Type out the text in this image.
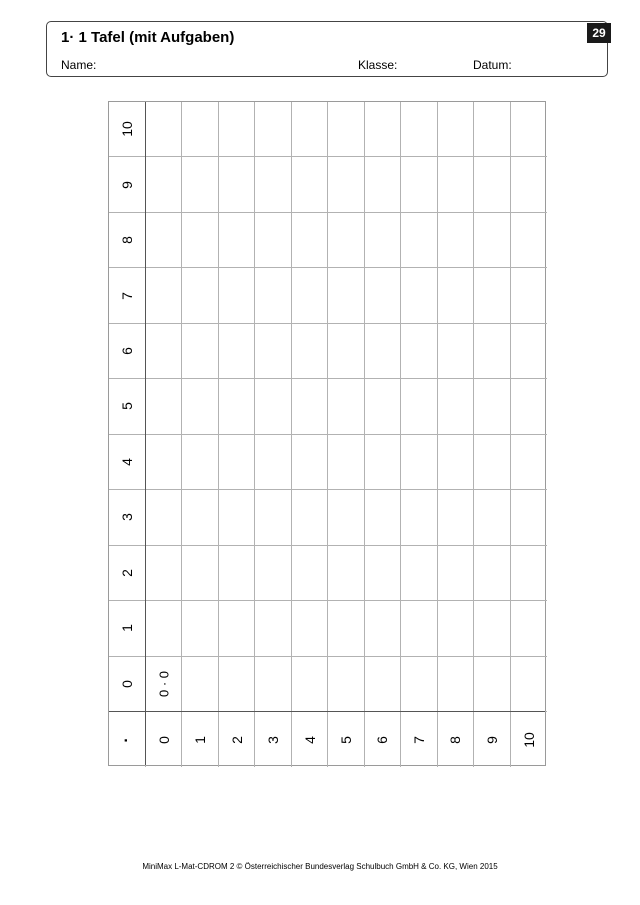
1· 1 Tafel (mit Aufgaben)
Name:	Klasse:	Datum:
29
10
9
8
7
6
5
4
3
2
1
0 0 · 0
· 0 1 2 3 4 5 6 7 8 9 10
MiniMax L-Mat-CDROM 2 © Österreichischer Bundesverlag Schulbuch GmbH & Co. KG, Wien 2015
